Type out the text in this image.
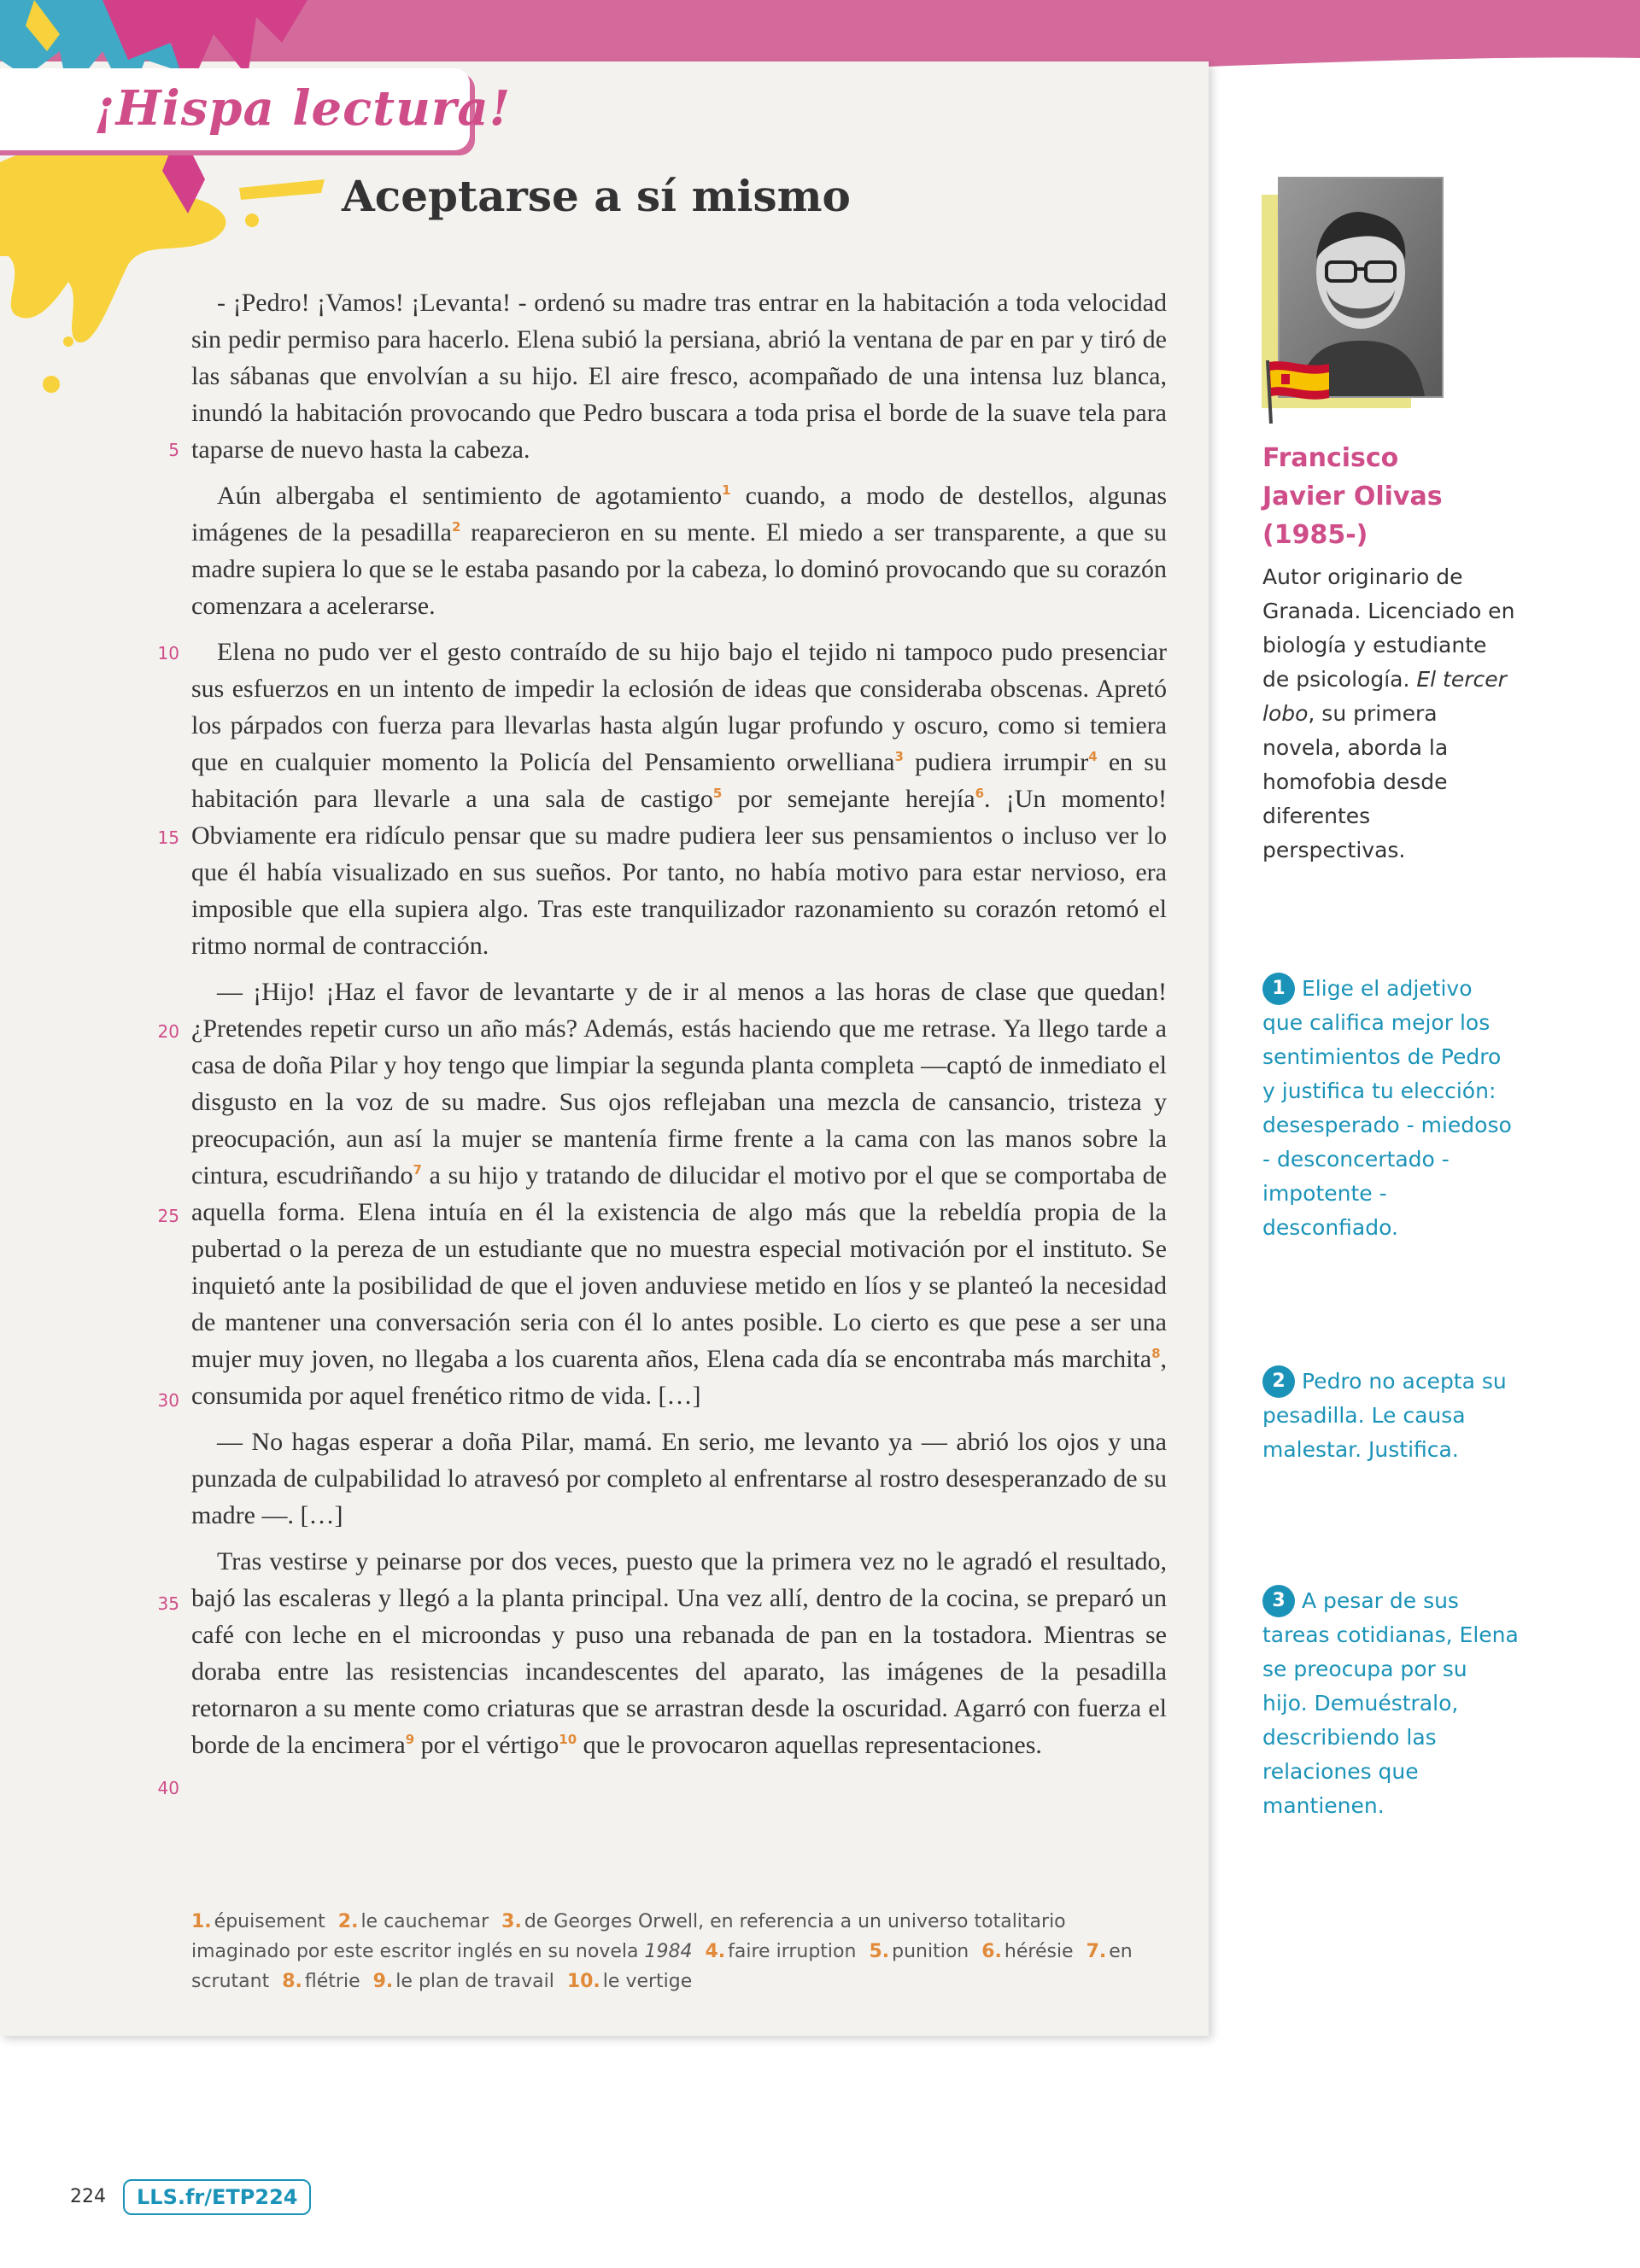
¡Hispa lectura!
Aceptarse a sí mismo
5
10
15
20
25
30
35
40

- ¡Pedro! ¡Vamos! ¡Levanta! - ordenó su madre tras entrar en la habitación a toda velocidad sin pedir permiso para hacerlo. Elena subió la persiana, abrió la ventana de par en par y tiró de las sábanas que envolvían a su hijo. El aire fresco, acompañado de una intensa luz blanca, inundó la habitación provocando que Pedro buscara a toda prisa el borde de la suave tela para taparse de nuevo hasta la cabeza.

Aún albergaba el sentimiento de agotamiento$^1$ cuando, a modo de destellos, algunas imágenes de la pesadilla$^2$ reaparecieron en su mente. El miedo a ser transparente, a que su madre supiera lo que se le estaba pasando por la cabeza, lo dominó provocando que su corazón comenzara a acelerarse.

Elena no pudo ver el gesto contraído de su hijo bajo el tejido ni tampoco pudo presenciar sus esfuerzos en un intento de impedir la eclosión de ideas que consideraba obscenas. Apretó los párpados con fuerza para llevarlas hasta algún lugar profundo y oscuro, como si temiera que en cualquier momento la Policía del Pensamiento orwelliana$^3$ pudiera irrumpir$^4$ en su habitación para llevarle a una sala de castigo$^5$ por semejante herejía$^6$. ¡Un momento! Obviamente era ridículo pensar que su madre pudiera leer sus pensamientos o incluso ver lo que él había visualizado en sus sueños. Por tanto, no había motivo para estar nervioso, era imposible que ella supiera algo. Tras este tranquilizador razonamiento su corazón retomó el ritmo normal de contracción.

— ¡Hijo! ¡Haz el favor de levantarte y de ir al menos a las horas de clase que quedan! ¿Pretendes repetir curso un año más? Además, estás haciendo que me retrase. Ya llego tarde a casa de doña Pilar y hoy tengo que limpiar la segunda planta completa —captó de inmediato el disgusto en la voz de su madre. Sus ojos reflejaban una mezcla de cansancio, tristeza y preocupación, aun así la mujer se mantenía firme frente a la cama con las manos sobre la cintura, escudriñando$^7$ a su hijo y tratando de dilucidar el motivo por el que se comportaba de aquella forma. Elena intuía en él la existencia de algo más que la rebeldía propia de la pubertad o la pereza de un estudiante que no muestra especial motivación por el instituto. Se inquietó ante la posibilidad de que el joven anduviese metido en líos y se planteó la necesidad de mantener una conversación seria con él lo antes posible. Lo cierto es que pese a ser una mujer muy joven, no llegaba a los cuarenta años, Elena cada día se encontraba más marchita$^8$, consumida por aquel frenético ritmo de vida. […]

— No hagas esperar a doña Pilar, mamá. En serio, me levanto ya — abrió los ojos y una punzada de culpabilidad lo atravesó por completo al enfrentarse al rostro desesperanzado de su madre —. […]

Tras vestirse y peinarse por dos veces, puesto que la primera vez no le agradó el resultado, bajó las escaleras y llegó a la planta principal. Una vez allí, dentro de la cocina, se preparó un café con leche en el microondas y puso una rebanada de pan en la tostadora. Mientras se doraba entre las resistencias incandescentes del aparato, las imágenes de la pesadilla retornaron a su mente como criaturas que se arrastran desde la oscuridad. Agarró con fuerza el borde de la encimera$^9$ por el vértigo$^{10}$ que le provocaron aquellas representaciones.

1. épuisement 2. le cauchemar 3. de Georges Orwell, en referencia a un universo totalitario imaginado por este escritor inglés en su novela 1984 4. faire irruption 5. punition 6. hérésie 7. en scrutant 8. flétrie 9. le plan de travail 10. le vertige
Francisco
Javier Olivas
(1985-)
Autor originario de Granada. Licenciado en biología y estudiante de psicología. El tercer lobo, su primera novela, aborda la homofobia desde diferentes perspectivas.
1 Elige el adjetivo que califica mejor los sentimientos de Pedro y justifica tu elección: desesperado - miedoso - desconcertado - impotente - desconfiado.
2 Pedro no acepta su pesadilla. Le causa malestar. Justifica.
3 A pesar de sus tareas cotidianas, Elena se preocupa por su hijo. Demuéstralo, describiendo las relaciones que mantienen.
224	LLS.fr/ETP224
